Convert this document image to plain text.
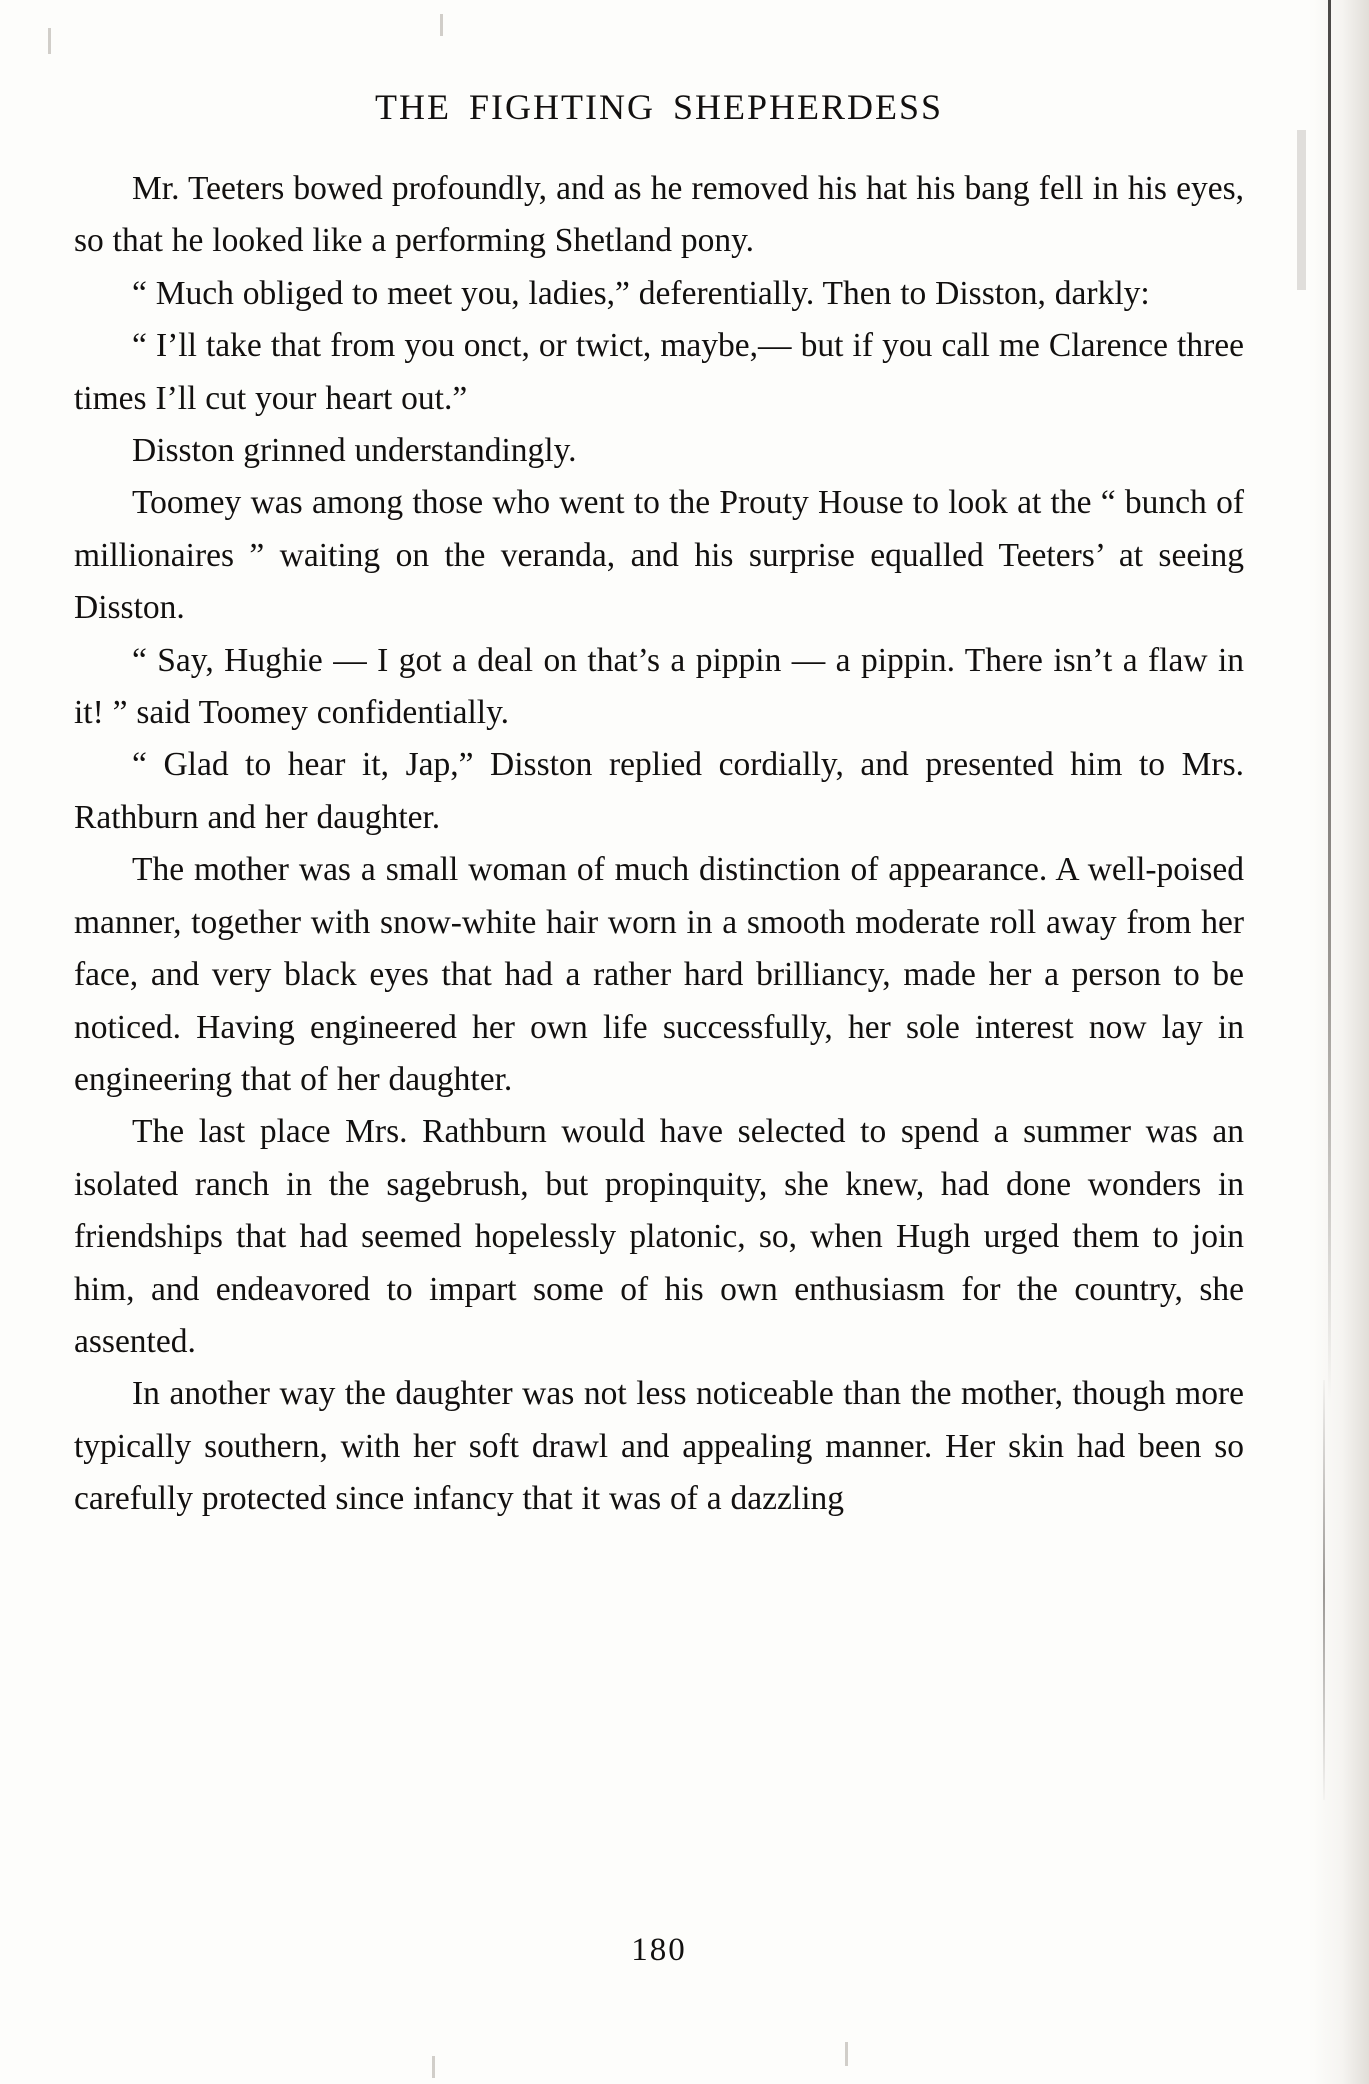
THE FIGHTING SHEPHERDESS

Mr. Teeters bowed profoundly, and as he removed his hat his bang fell in his eyes, so that he looked like a performing Shetland pony.

“ Much obliged to meet you, ladies,” deferentially. Then to Disston, darkly:

“ I’ll take that from you onct, or twict, maybe,— but if you call me Clarence three times I’ll cut your heart out.”

Disston grinned understandingly.

Toomey was among those who went to the Prouty House to look at the “ bunch of millionaires ” waiting on the veranda, and his surprise equalled Teeters’ at seeing Disston.

“ Say, Hughie — I got a deal on that’s a pippin — a pippin. There isn’t a flaw in it! ” said Toomey confidentially.

“ Glad to hear it, Jap,” Disston replied cordially, and presented him to Mrs. Rathburn and her daughter.

The mother was a small woman of much distinction of appearance. A well-poised manner, together with snow-white hair worn in a smooth moderate roll away from her face, and very black eyes that had a rather hard brilliancy, made her a person to be noticed. Having engineered her own life successfully, her sole interest now lay in engineering that of her daughter.

The last place Mrs. Rathburn would have selected to spend a summer was an isolated ranch in the sagebrush, but propinquity, she knew, had done wonders in friendships that had seemed hopelessly platonic, so, when Hugh urged them to join him, and endeavored to impart some of his own enthusiasm for the country, she assented.

In another way the daughter was not less noticeable than the mother, though more typically southern, with her soft drawl and appealing manner. Her skin had been so carefully protected since infancy that it was of a dazzling

180
